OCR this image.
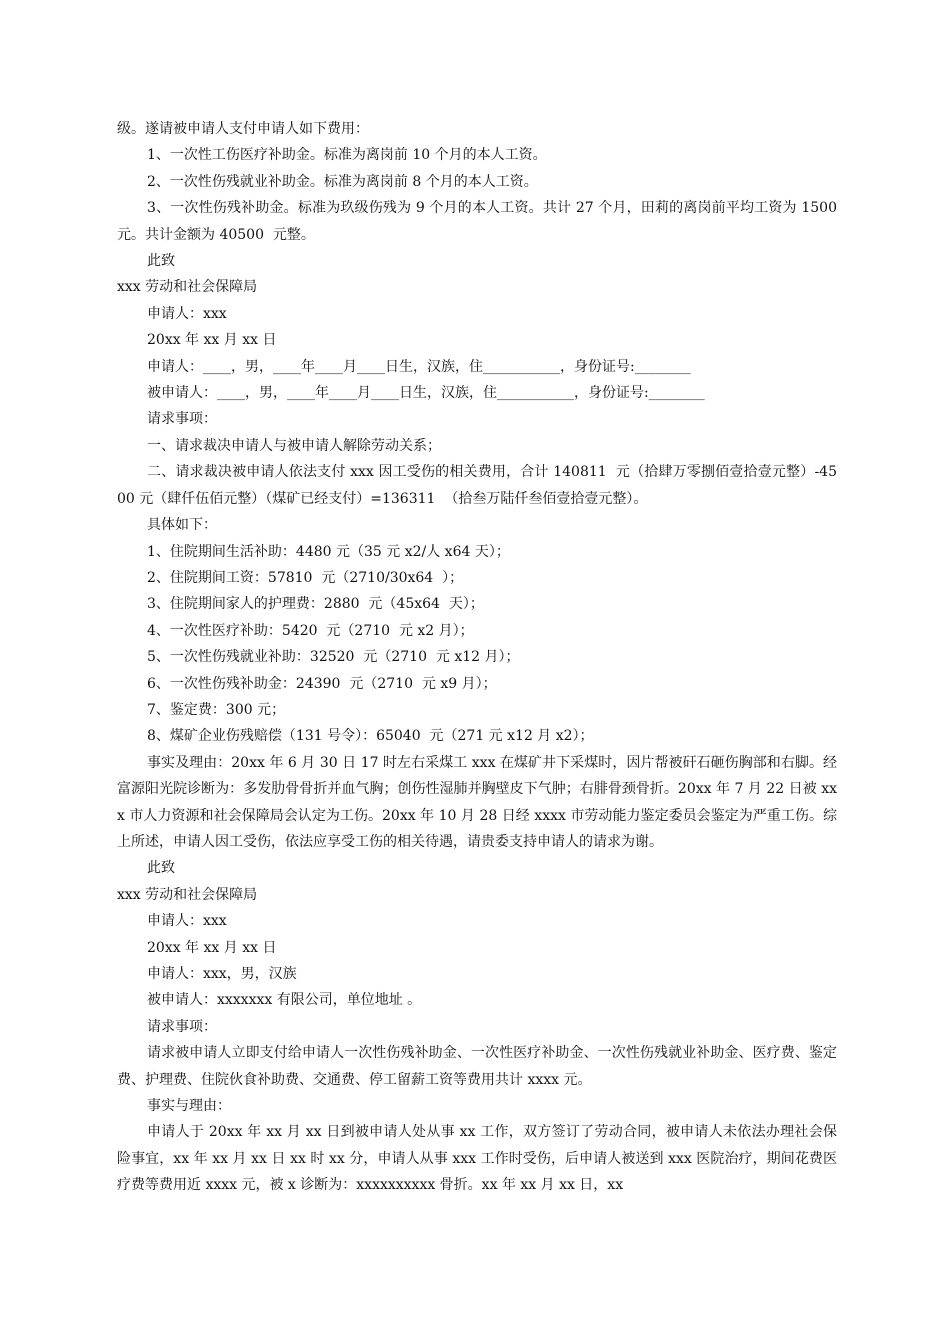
级。遂请被申请人支付申请人如下费用：

1、一次性工伤医疗补助金。标准为离岗前 10 个月的本人工资。

2、一次性伤残就业补助金。标准为离岗前 8 个月的本人工资。

3、一次性伤残补助金。标准为玖级伤残为 9 个月的本人工资。共计 27 个月，田莉的离岗前平均工资为 1500  元。共计金额为 40500  元整。

此致

xxx 劳动和社会保障局

申请人：xxx

20xx 年 xx 月 xx 日

申请人：____，男，____年____月____日生，汉族，住___________，身份证号:________

被申请人：____，男，____年____月____日生，汉族，住___________，身份证号:________

请求事项：

一、请求裁决申请人与被申请人解除劳动关系；

二、请求裁决被申请人依法支付 xxx 因工受伤的相关费用，合计 140811  元（拾肆万零捌佰壹拾壹元整）-4500 元（肆仟伍佰元整）（煤矿已经支付）=136311  （拾叁万陆仟叁佰壹拾壹元整）。

具体如下：

1、住院期间生活补助：4480 元（35 元 x2/人 x64 天）；

2、住院期间工资：57810  元（2710/30x64  ）；

3、住院期间家人的护理费：2880  元（45x64  天）；

4、一次性医疗补助：5420  元（2710  元 x2 月）；

5、一次性伤残就业补助：32520  元（2710  元 x12 月）；

6、一次性伤残补助金：24390  元（2710  元 x9 月）；

7、鉴定费：300 元；

8、煤矿企业伤残赔偿（131 号令）：65040  元（271 元 x12 月 x2）；

事实及理由：20xx 年 6 月 30 日 17 时左右采煤工 xxx 在煤矿井下采煤时，因片帮被矸石砸伤胸部和右脚。经富源阳光院诊断为：多发肋骨骨折并血气胸；创伤性湿肺并胸壁皮下气肿；右腓骨颈骨折。20xx 年 7 月 22 日被 xxx 市人力资源和社会保障局会认定为工伤。20xx 年 10 月 28 日经 xxxx 市劳动能力鉴定委员会鉴定为严重工伤。综上所述，申请人因工受伤，依法应享受工伤的相关待遇，请贵委支持申请人的请求为谢。

此致

xxx 劳动和社会保障局

申请人：xxx

20xx 年 xx 月 xx 日

申请人：xxx，男，汉族

被申请人：xxxxxxx 有限公司，单位地址 。

请求事项：

请求被申请人立即支付给申请人一次性伤残补助金、一次性医疗补助金、一次性伤残就业补助金、医疗费、鉴定费、护理费、住院伙食补助费、交通费、停工留薪工资等费用共计 xxxx 元。

事实与理由：

申请人于 20xx 年 xx 月 xx 日到被申请人处从事 xx 工作，双方签订了劳动合同，被申请人未依法办理社会保险事宜，xx 年 xx 月 xx 日 xx 时 xx 分，申请人从事 xxx 工作时受伤，后申请人被送到 xxx 医院治疗，期间花费医疗费等费用近 xxxx 元，被 x 诊断为：xxxxxxxxxx 骨折。xx 年 xx 月 xx 日，xx
